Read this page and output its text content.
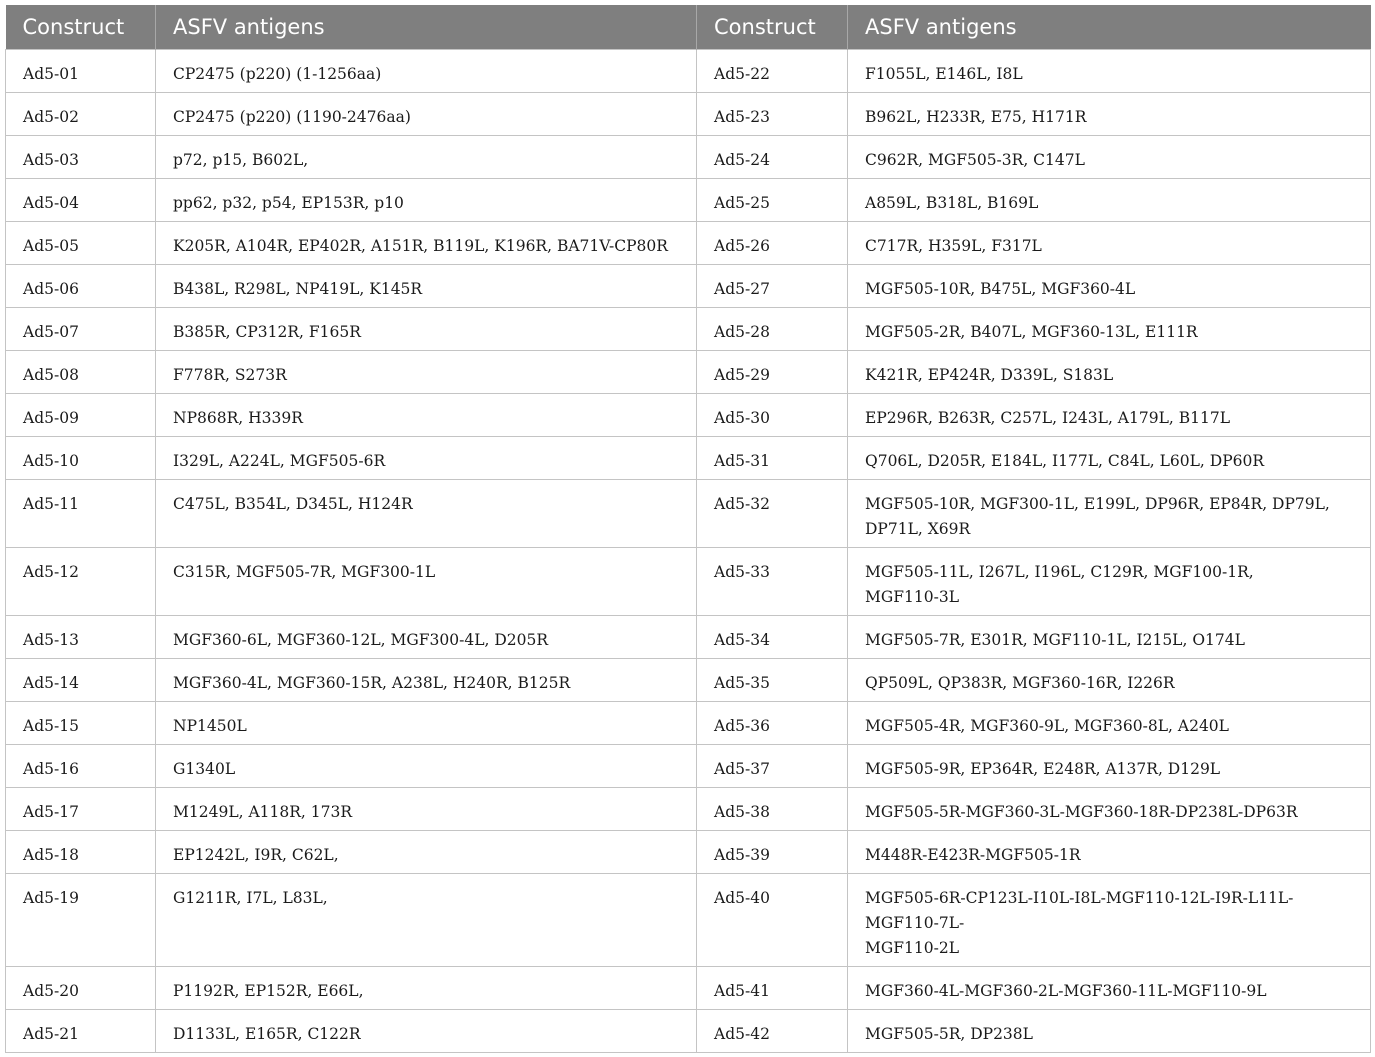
Construct	ASFV antigens	Construct	ASFV antigens
Ad5-01	CP2475 (p220) (1-1256aa)	Ad5-22	F1055L, E146L, I8L
Ad5-02	CP2475 (p220) (1190-2476aa)	Ad5-23	B962L, H233R, E75, H171R
Ad5-03	p72, p15, B602L,	Ad5-24	C962R, MGF505-3R, C147L
Ad5-04	pp62, p32, p54, EP153R, p10	Ad5-25	A859L, B318L, B169L
Ad5-05	K205R, A104R, EP402R, A151R, B119L, K196R, BA71V-CP80R	Ad5-26	C717R, H359L, F317L
Ad5-06	B438L, R298L, NP419L, K145R	Ad5-27	MGF505-10R, B475L, MGF360-4L
Ad5-07	B385R, CP312R, F165R	Ad5-28	MGF505-2R, B407L, MGF360-13L, E111R
Ad5-08	F778R, S273R	Ad5-29	K421R, EP424R, D339L, S183L
Ad5-09	NP868R, H339R	Ad5-30	EP296R, B263R, C257L, I243L, A179L, B117L
Ad5-10	I329L, A224L, MGF505-6R	Ad5-31	Q706L, D205R, E184L, I177L, C84L, L60L, DP60R
Ad5-11	C475L, B354L, D345L, H124R	Ad5-32	MGF505-10R, MGF300-1L, E199L, DP96R, EP84R, DP79L,
DP71L, X69R
Ad5-12	C315R, MGF505-7R, MGF300-1L	Ad5-33	MGF505-11L, I267L, I196L, C129R, MGF100-1R,
MGF110-3L
Ad5-13	MGF360-6L, MGF360-12L, MGF300-4L, D205R	Ad5-34	MGF505-7R, E301R, MGF110-1L, I215L, O174L
Ad5-14	MGF360-4L, MGF360-15R, A238L, H240R, B125R	Ad5-35	QP509L, QP383R, MGF360-16R, I226R
Ad5-15	NP1450L	Ad5-36	MGF505-4R, MGF360-9L, MGF360-8L, A240L
Ad5-16	G1340L	Ad5-37	MGF505-9R, EP364R, E248R, A137R, D129L
Ad5-17	M1249L, A118R, 173R	Ad5-38	MGF505-5R-MGF360-3L-MGF360-18R-DP238L-DP63R
Ad5-18	EP1242L, I9R, C62L,	Ad5-39	M448R-E423R-MGF505-1R
Ad5-19	G1211R, I7L, L83L,	Ad5-40	MGF505-6R-CP123L-I10L-I8L-MGF110-12L-I9R-L11L-
MGF110-7L-
MGF110-2L
Ad5-20	P1192R, EP152R, E66L,	Ad5-41	MGF360-4L-MGF360-2L-MGF360-11L-MGF110-9L
Ad5-21	D1133L, E165R, C122R	Ad5-42	MGF505-5R, DP238L
